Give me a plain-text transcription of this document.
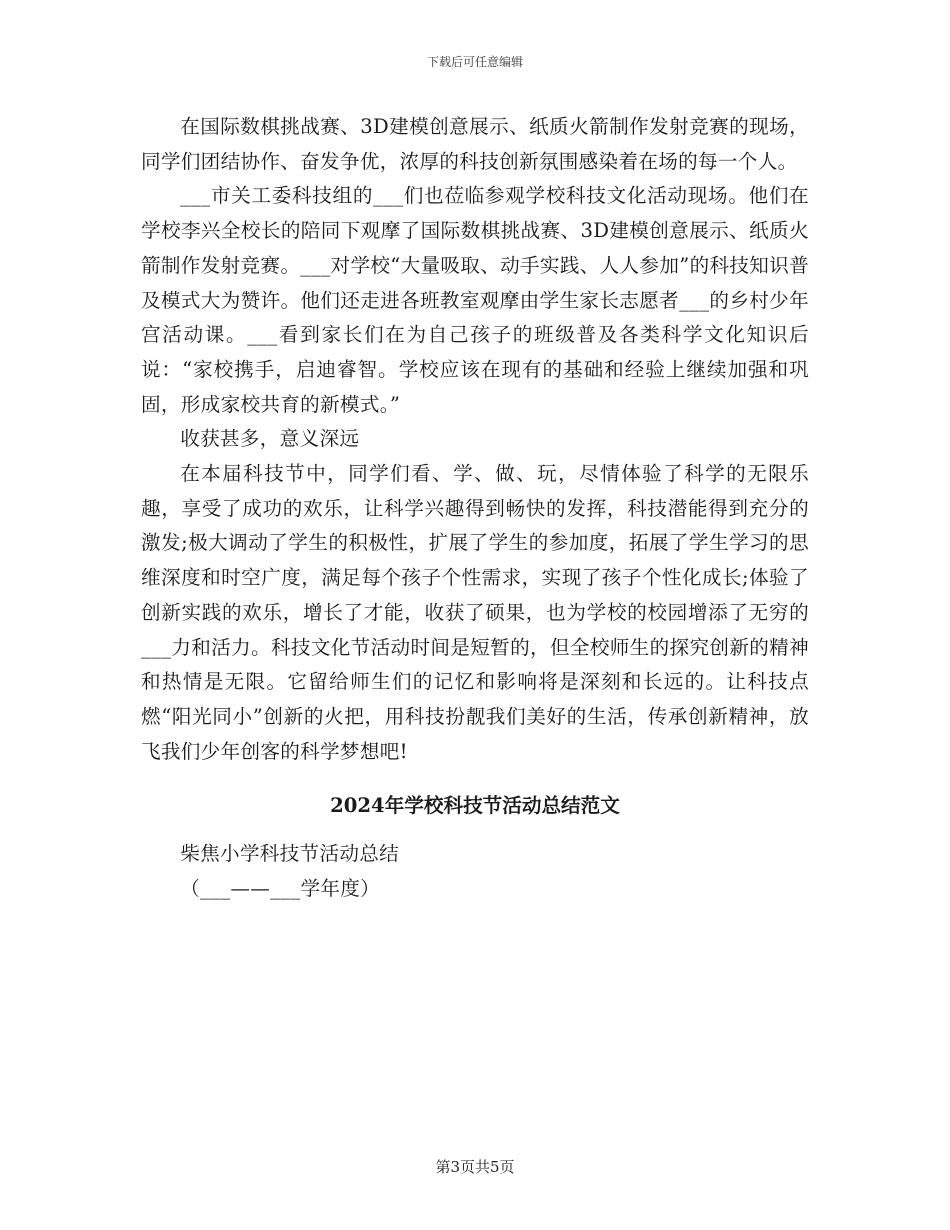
下载后可任意编辑

在国际数棋挑战赛、3D建模创意展示、纸质火箭制作发射竞赛的现场，同学们团结协作、奋发争优，浓厚的科技创新氛围感染着在场的每一个人。

___市关工委科技组的___们也莅临参观学校科技文化活动现场。他们在学校李兴全校长的陪同下观摩了国际数棋挑战赛、3D建模创意展示、纸质火箭制作发射竞赛。___对学校“大量吸取、动手实践、人人参加”的科技知识普及模式大为赞许。他们还走进各班教室观摩由学生家长志愿者___的乡村少年宫活动课。___看到家长们在为自己孩子的班级普及各类科学文化知识后说：“家校携手，启迪睿智。学校应该在现有的基础和经验上继续加强和巩固，形成家校共育的新模式。”

收获甚多，意义深远

在本届科技节中，同学们看、学、做、玩，尽情体验了科学的无限乐趣，享受了成功的欢乐，让科学兴趣得到畅快的发挥，科技潜能得到充分的激发;极大调动了学生的积极性，扩展了学生的参加度，拓展了学生学习的思维深度和时空广度，满足每个孩子个性需求，实现了孩子个性化成长;体验了创新实践的欢乐，增长了才能，收获了硕果，也为学校的校园增添了无穷的___力和活力。科技文化节活动时间是短暂的，但全校师生的探究创新的精神和热情是无限。它留给师生们的记忆和影响将是深刻和长远的。让科技点燃“阳光同小”创新的火把，用科技扮靓我们美好的生活，传承创新精神，放飞我们少年创客的科学梦想吧!

2024年学校科技节活动总结范文

柴焦小学科技节活动总结

（___——___学年度）

第3页共5页
